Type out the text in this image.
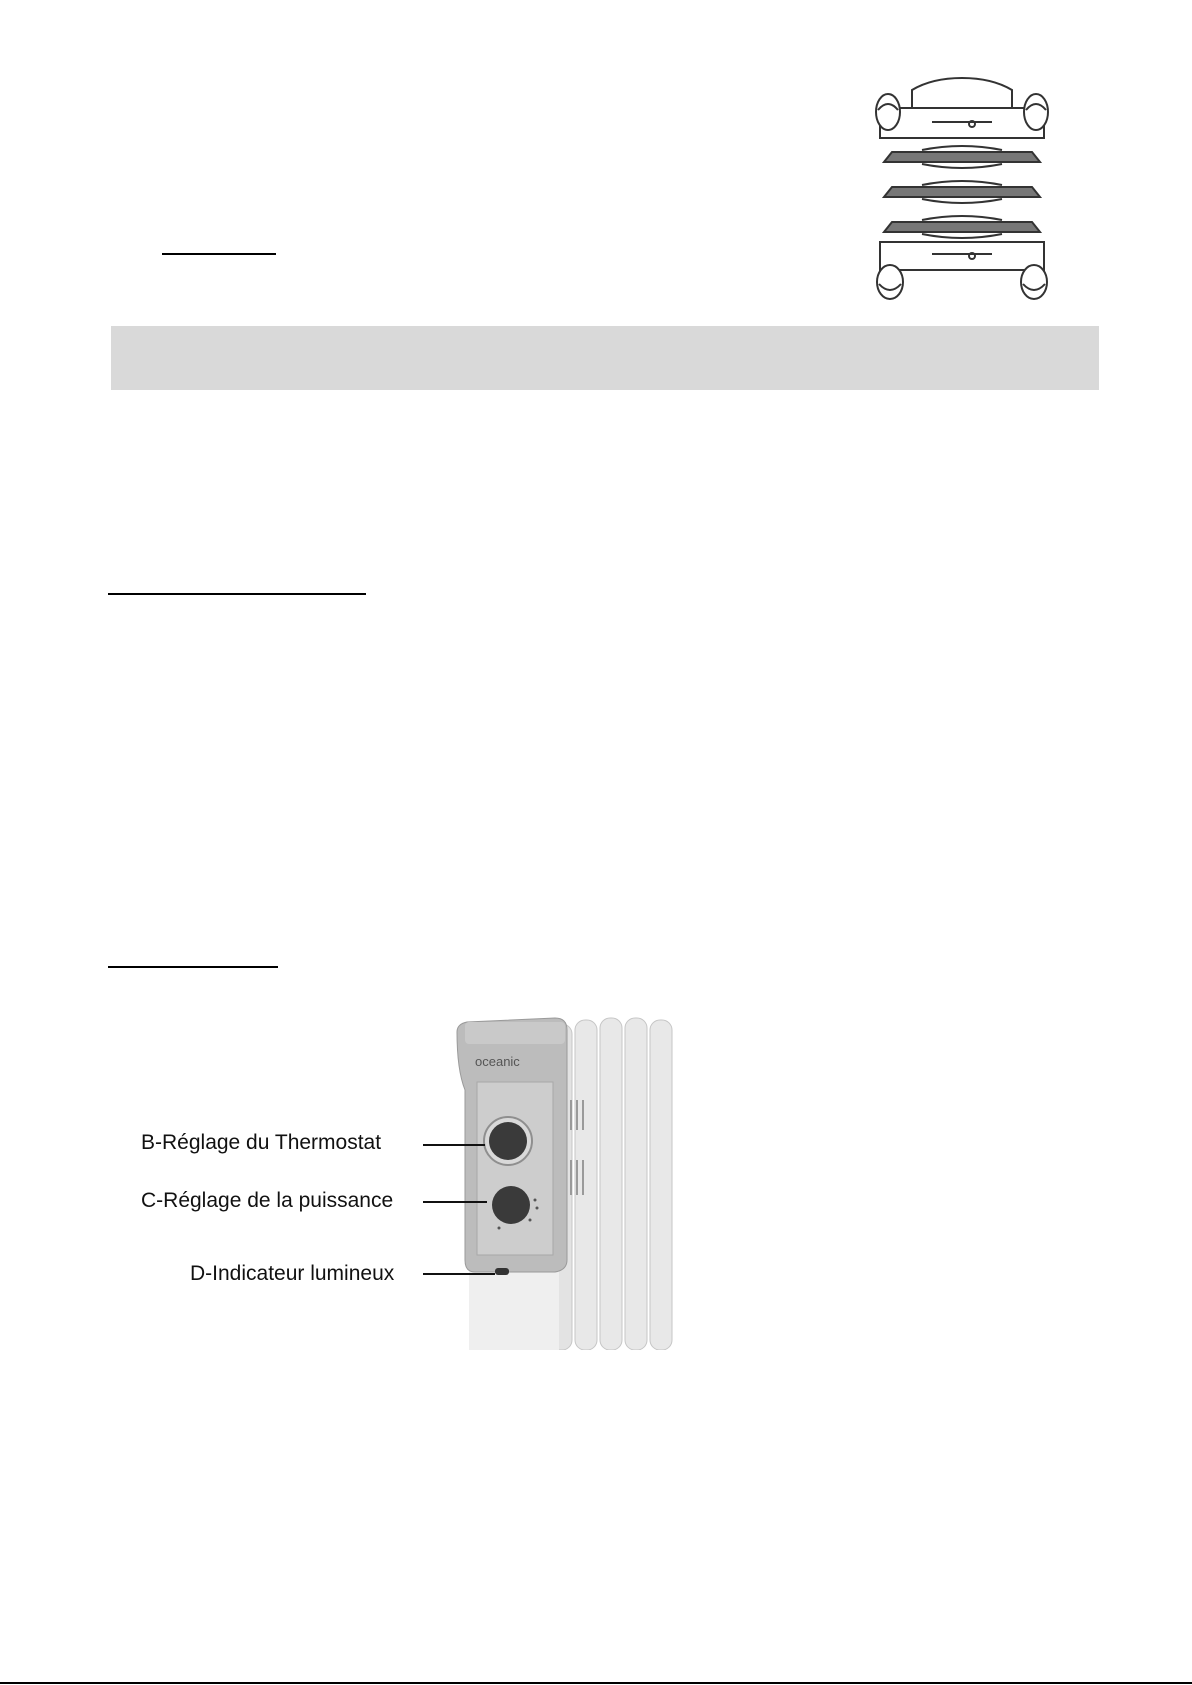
oceanic
B-Réglage du Thermostat
C-Réglage de la puissance
D-Indicateur lumineux
